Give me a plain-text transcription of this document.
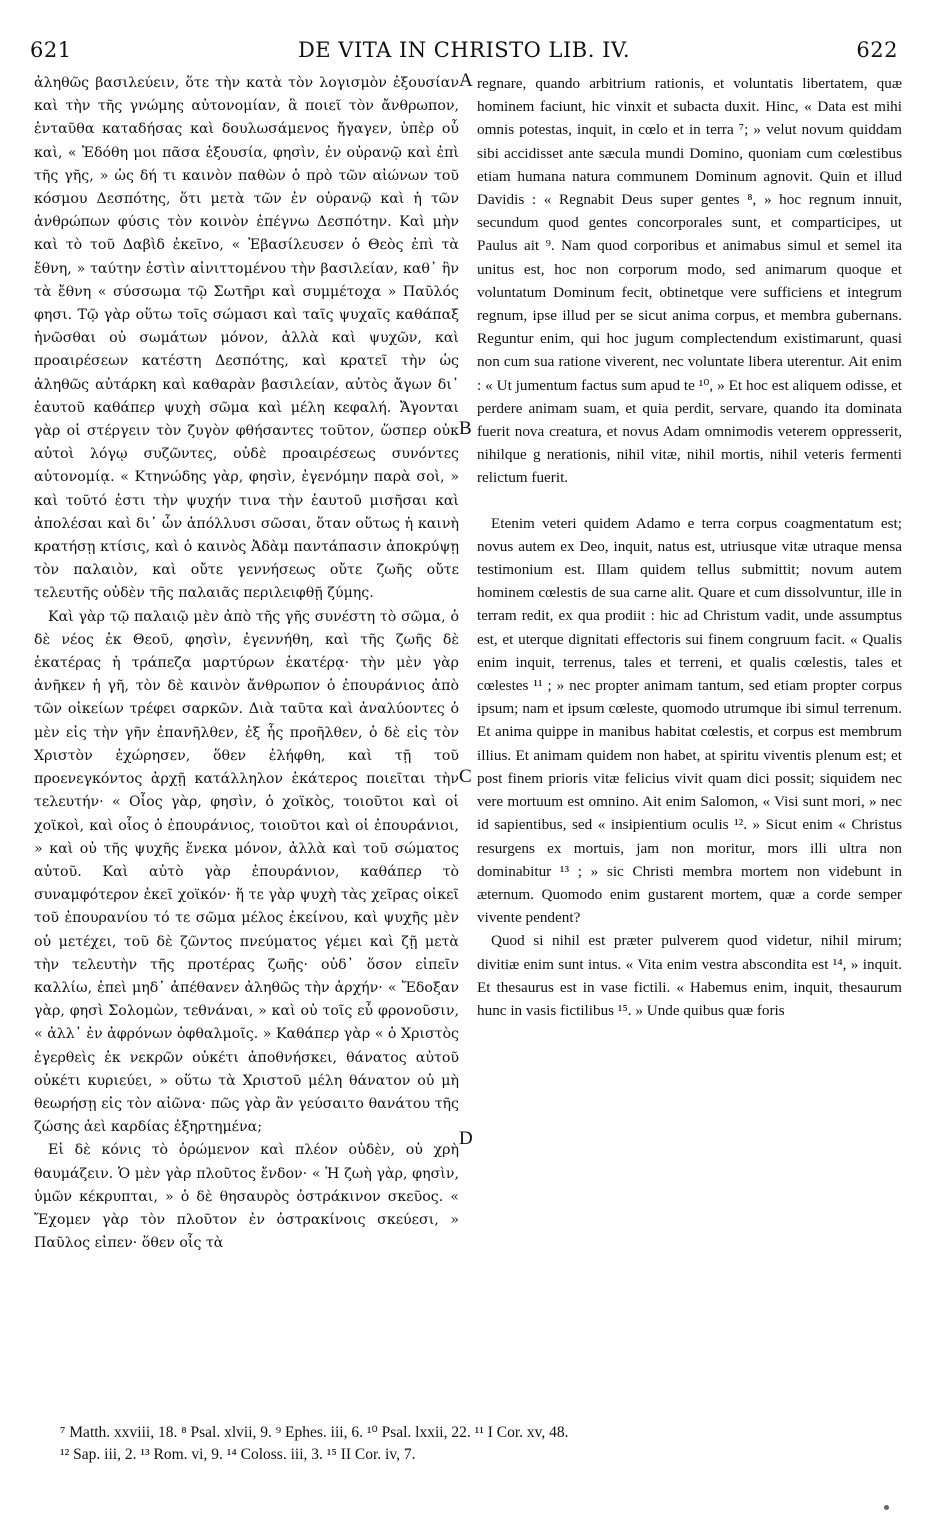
621	DE VITA IN CHRISTO LIB. IV.	622

ἀληθῶς βασιλεύειν, ὅτε τὴν κατὰ τὸν λογισμὸν ἐξουσίαν καὶ τὴν τῆς γνώμης αὐτονομίαν, ἃ ποιεῖ τὸν ἄνθρωπον, ἐνταῦθα καταδήσας καὶ δουλωσάμενος ἤγαγεν, ὑπὲρ οὗ καὶ, « Ἐδόθη μοι πᾶσα ἐξουσία, φησὶν, ἐν οὐρανῷ καὶ ἐπὶ τῆς γῆς, » ὡς δή τι καινὸν παθὼν ὁ πρὸ τῶν αἰώνων τοῦ κόσμου Δεσπότης, ὅτι μετὰ τῶν ἐν οὐρανῷ καὶ ἡ τῶν ἀνθρώπων φύσις τὸν κοινὸν ἐπέγνω Δεσπότην. Καὶ μὴν καὶ τὸ τοῦ Δαβὶδ ἐκεῖνο, « Ἐβασίλευσεν ὁ Θεὸς ἐπὶ τὰ ἔθνη, » ταύτην ἐστὶν αἰνιττομένου τὴν βασιλείαν, καθ᾽ ἣν τὰ ἔθνη « σύσσωμα τῷ Σωτῆρι καὶ συμμέτοχα » Παῦλός φησι. Τῷ γὰρ οὕτω τοῖς σώμασι καὶ ταῖς ψυχαῖς καθάπαξ ἡνῶσθαι οὐ σωμάτων μόνον, ἀλλὰ καὶ ψυχῶν, καὶ προαιρέσεων κατέστη Δεσπότης, καὶ κρατεῖ τὴν ὡς ἀληθῶς αὐτάρκη καὶ καθαρὰν βασιλείαν, αὐτὸς ἄγων δι᾽ ἑαυτοῦ καθάπερ ψυχὴ σῶμα καὶ μέλη κεφαλή. Ἄγονται γὰρ οἱ στέργειν τὸν ζυγὸν φθήσαντες τοῦτον, ὥσπερ οὐκ αὐτοὶ λόγῳ συζῶντες, οὐδὲ προαιρέσεως συνόντες αὐτονομίᾳ. « Κτηνώδης γὰρ, φησὶν, ἐγενόμην παρὰ σοὶ, » καὶ τοῦτό ἐστι τὴν ψυχήν τινα τὴν ἑαυτοῦ μισῆσαι καὶ ἀπολέσαι καὶ δι᾽ ὧν ἀπόλλυσι σῶσαι, ὅταν οὕτως ἡ καινὴ κρατήσῃ κτίσις, καὶ ὁ καινὸς Ἀδὰμ παντάπασιν ἀποκρύψῃ τὸν παλαιὸν, καὶ οὔτε γεννήσεως οὔτε ζωῆς οὔτε τελευτῆς οὐδὲν τῆς παλαιᾶς περιλειφθῇ ζύμης.

Καὶ γὰρ τῷ παλαιῷ μὲν ἀπὸ τῆς γῆς συνέστη τὸ σῶμα, ὁ δὲ νέος ἐκ Θεοῦ, φησὶν, ἐγεννήθη, καὶ τῆς ζωῆς δὲ ἑκατέρας ἡ τράπεζα μαρτύρων ἑκατέρᾳ· τὴν μὲν γὰρ ἀνῆκεν ἡ γῆ, τὸν δὲ καινὸν ἄνθρωπον ὁ ἐπουράνιος ἀπὸ τῶν οἰκείων τρέφει σαρκῶν. Διὰ ταῦτα καὶ ἀναλύοντες ὁ μὲν εἰς τὴν γῆν ἐπανῆλθεν, ἐξ ἧς προῆλθεν, ὁ δὲ εἰς τὸν Χριστὸν ἐχώρησεν, ὅθεν ἐλήφθη, καὶ τῇ τοῦ προενεγκόντος ἀρχῇ κατάλληλον ἑκάτερος ποιεῖται τὴν τελευτήν· « Οἷος γὰρ, φησὶν, ὁ χοϊκὸς, τοιοῦτοι καὶ οἱ χοϊκοὶ, καὶ οἷος ὁ ἐπουράνιος, τοιοῦτοι καὶ οἱ ἐπουράνιοι, » καὶ οὐ τῆς ψυχῆς ἕνεκα μόνον, ἀλλὰ καὶ τοῦ σώματος αὐτοῦ. Καὶ αὐτὸ γὰρ ἐπουράνιον, καθάπερ τὸ συναμφότερον ἐκεῖ χοϊκόν· ἥ τε γὰρ ψυχὴ τὰς χεῖρας οἰκεῖ τοῦ ἐπουρανίου τό τε σῶμα μέλος ἐκείνου, καὶ ψυχῆς μὲν οὐ μετέχει, τοῦ δὲ ζῶντος πνεύματος γέμει καὶ ζῇ μετὰ τὴν τελευτὴν τῆς προτέρας ζωῆς· οὐδ᾽ ὅσον εἰπεῖν καλλίω, ἐπεὶ μηδ᾽ ἀπέθανεν ἀληθῶς τὴν ἀρχήν· « Ἔδοξαν γὰρ, φησὶ Σολομὼν, τεθνάναι, » καὶ οὐ τοῖς εὖ φρονοῦσιν, « ἀλλ᾽ ἐν ἀφρόνων ὀφθαλμοῖς. » Καθάπερ γὰρ « ὁ Χριστὸς ἐγερθεὶς ἐκ νεκρῶν οὐκέτι ἀποθνήσκει, θάνατος αὐτοῦ οὐκέτι κυριεύει, » οὕτω τὰ Χριστοῦ μέλη θάνατον οὐ μὴ θεωρήσῃ εἰς τὸν αἰῶνα· πῶς γὰρ ἂν γεύσαιτο θανάτου τῆς ζώσης ἀεὶ καρδίας ἐξηρτημένα;

Εἰ δὲ κόνις τὸ ὁρώμενον καὶ πλέον οὐδὲν, οὐ χρὴ θαυμάζειν. Ὁ μὲν γὰρ πλοῦτος ἔνδον· « Ἡ ζωὴ γὰρ, φησὶν, ὑμῶν κέκρυπται, » ὁ δὲ θησαυρὸς ὀστράκινον σκεῦος. « Ἔχομεν γὰρ τὸν πλοῦτον ἐν ὀστρακίνοις σκεύεσι, » Παῦλος εἰπεν· ὅθεν οἷς τὰ

regnare, quando arbitrium rationis, et voluntatis libertatem, quæ hominem faciunt, hic vinxit et subacta duxit. Hinc, « Data est mihi omnis potestas, inquit, in cœlo et in terra ⁷; » velut novum quiddam sibi accidisset ante sæcula mundi Domino, quoniam cum cœlestibus etiam humana natura communem Dominum agnovit. Quin et illud Davidis : « Regnabit Deus super gentes ⁸, » hoc regnum innuit, secundum quod gentes concorporales sunt, et comparticipes, ut Paulus ait ⁹. Nam quod corporibus et animabus simul et semel ita unitus est, hoc non corporum modo, sed animarum quoque et voluntatum Dominum fecit, obtinetque vere sufficiens et integrum regnum, ipse illud per se sicut anima corpus, et membra gubernans. Reguntur enim, qui hoc jugum complectendum existimarunt, quasi non cum sua ratione viverent, nec voluntate libera uterentur. Ait enim : « Ut jumentum factus sum apud te ¹⁰, » Et hoc est aliquem odisse, et perdere animam suam, et quia perdit, servare, quando ita dominata fuerit nova creatura, et novus Adam omnimodis veterem oppresserit, nihilque g nerationis, nihil vitæ, nihil mortis, nihil veteris fermenti relictum fuerit.

Etenim veteri quidem Adamo e terra corpus coagmentatum est; novus autem ex Deo, inquit, natus est, utriusque vitæ utraque mensa testimonium est. Illam quidem tellus submittit; novum autem hominem cœlestis de sua carne alit. Quare et cum dissolvuntur, ille in terram redit, ex qua prodiit : hic ad Christum vadit, unde assumptus est, et uterque dignitati effectoris sui finem congruum facit. « Qualis enim inquit, terrenus, tales et terreni, et qualis cœlestis, tales et cœlestes ¹¹ ; » nec propter animam tantum, sed etiam propter corpus ipsum; nam et ipsum cœleste, quomodo utrumque ibi simul terrenum. Et anima quippe in manibus habitat cœlestis, et corpus est membrum illius. Et animam quidem non habet, at spiritu viventis plenum est; et post finem prioris vitæ felicius vivit quam dici possit; siquidem nec vere mortuum est omnino. Ait enim Salomon, « Visi sunt mori, » nec id sapientibus, sed « insipientium oculis ¹². » Sicut enim « Christus resurgens ex mortuis, jam non moritur, mors illi ultra non dominabitur ¹³ ; » sic Christi membra mortem non videbunt in æternum. Quomodo enim gustarent mortem, quæ a corde semper vivente pendent?

Quod si nihil est præter pulverem quod videtur, nihil mirum; divitiæ enim sunt intus. « Vita enim vestra abscondita est ¹⁴, » inquit. Et thesaurus est in vase fictili. « Habemus enim, inquit, thesaurum hunc in vasis fictilibus ¹⁵. » Unde quibus quæ foris

A
B
C
D
⁷ Matth. xxviii, 18. ⁸ Psal. xlvii, 9. ⁹ Ephes. iii, 6. ¹⁰ Psal. lxxii, 22. ¹¹ I Cor. xv, 48.
¹² Sap. iii, 2. ¹³ Rom. vi, 9. ¹⁴ Coloss. iii, 3. ¹⁵ II Cor. iv, 7.
